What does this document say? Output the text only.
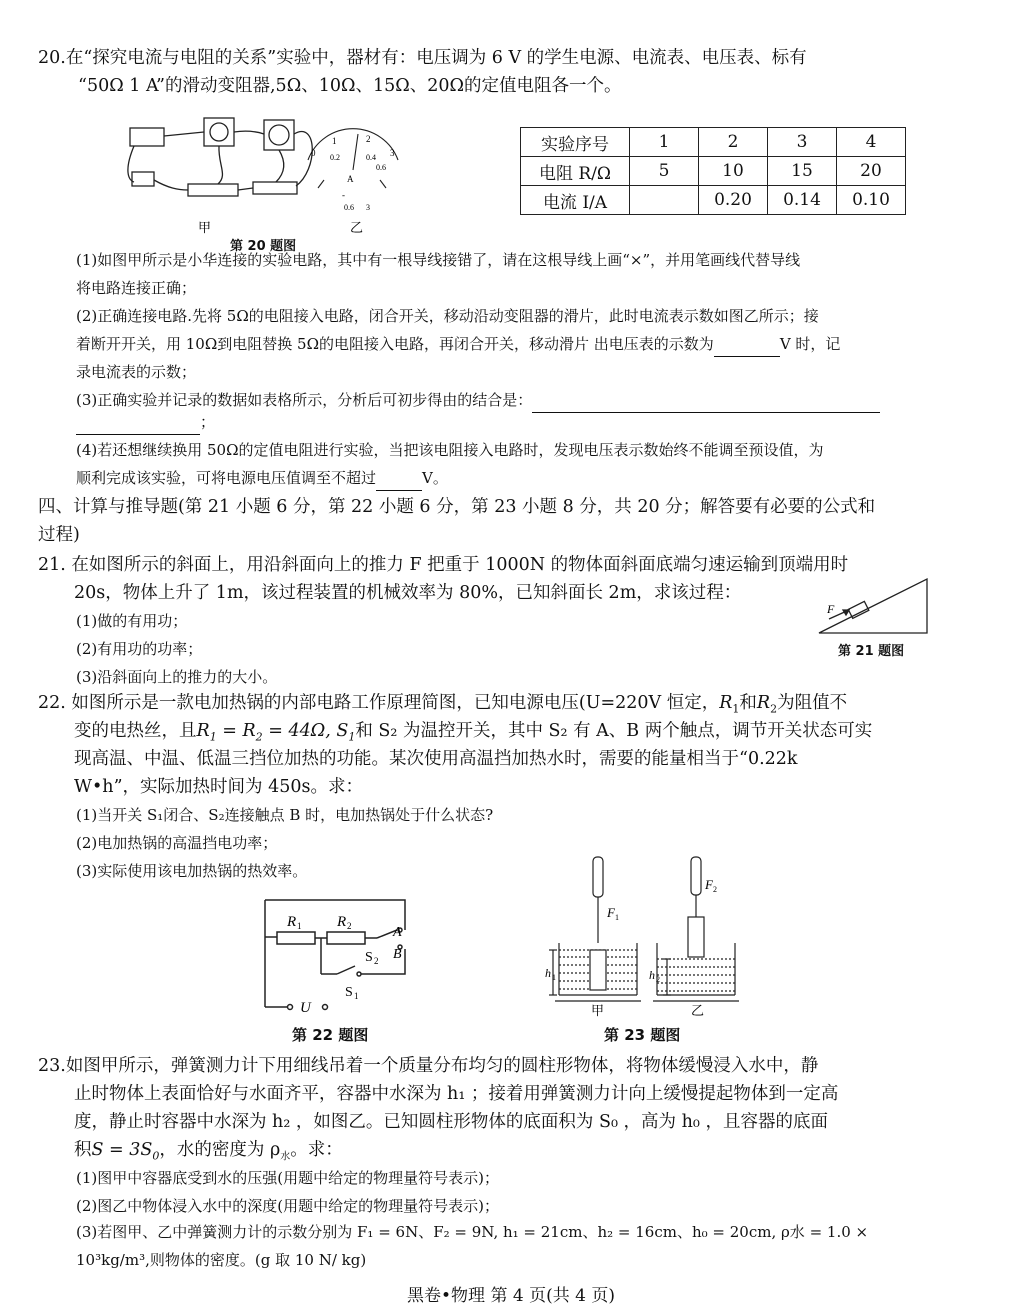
20.在“探究电流与电阻的关系”实验中，器材有：电压调为 6 V 的学生电源、电流表、电压表、标有
“50Ω 1 A”的滑动变阻器,5Ω、10Ω、15Ω、20Ω的定值电阻各一个。
甲
0
1	2
3
0.2	0.4
0.6
A
-
0.6 3
乙
第 20 题图
实验序号	1	2	3	4
电阻 R/Ω	5	10	15	20
电流 I/A		0.20	0.14	0.10
(1)如图甲所示是小华连接的实验电路，其中有一根导线接错了，请在这根导线上画“×”，并用笔画线代替导线
将电路连接正确；
(2)正确连接电路.先将 5Ω的电阻接入电路，闭合开关，移动沿动变阻器的滑片，此时电流表示数如图乙所示；接
着断开开关，用 10Ω到电阻替换 5Ω的电阻接入电路，再闭合开关，移动滑片 出电压表的示数为	V 时，记
录电流表的示数；
(3)正确实验并记录的数据如表格所示，分析后可初步得由的结合是：
；
(4)若还想继续换用 50Ω的定值电阻进行实验，当把该电阻接入电路时，发现电压表示数始终不能调至预设值，为
顺利完成该实验，可将电源电压值调至不超过	V。
四、计算与推导题(第 21 小题 6 分，第 22 小题 6 分，第 23 小题 8 分，共 20 分；解答要有必要的公式和
过程)
21. 在如图所示的斜面上，用沿斜面向上的推力 F 把重于 1000N 的物体面斜面底端匀速运输到顶端用时
20s，物体上升了 1m，该过程装置的机械效率为 80%，已知斜面长 2m，求该过程：
(1)做的有用功；
(2)有用功的功率；
(3)沿斜面向上的推力的大小。
F
第 21 题图
22. 如图所示是一款电加热锅的内部电路工作原理简图，已知电源电压(U=220V 恒定，$R_1$和$R_2$为阻值不
变的电热丝，且$R_1 = R_2 = 44\Omega$, $S_1$和 S₂ 为温控开关，其中 S₂ 有 A、B 两个触点，调节开关状态可实
现高温、中温、低温三挡位加热的功能。某次使用高温挡加热水时，需要的能量相当于“0.22k
W•h”，实际加热时间为 450s。求：
(1)当开关 S₁闭合、S₂连接触点 B 时，电加热锅处于什么状态?
(2)电加热锅的高温挡电功率；
(3)实际使用该电加热锅的热效率。
R 1 R 2	A
B
S 2
S 1
U
第 22 题图
F 1
F 2
h 1	h 2
甲	乙
第 23 题图
23.如图甲所示，弹簧测力计下用细线吊着一个质量分布均匀的圆柱形物体，将物体缓慢浸入水中，静
止时物体上表面恰好与水面齐平，容器中水深为 h₁ ；接着用弹簧测力计向上缓慢提起物体到一定高
度，静止时容器中水深为 h₂ ，如图乙。已知圆柱形物体的底面积为 S₀ ，高为 h₀ ，且容器的底面
积$S = 3S_0$，水的密度为 $\rho_水$。求：
(1)图甲中容器底受到水的压强(用题中给定的物理量符号表示)；
(2)图乙中物体浸入水中的深度(用题中给定的物理量符号表示)；
(3)若图甲、乙中弹簧测力计的示数分别为 F₁ = 6N、F₂ = 9N, h₁ = 21cm、h₂ = 16cm、h₀ = 20cm, ρ水 = 1.0 ×
10³kg/m³,则物体的密度。(g 取 10 N/ kg)
黑卷•物理 第 4 页(共 4 页)
